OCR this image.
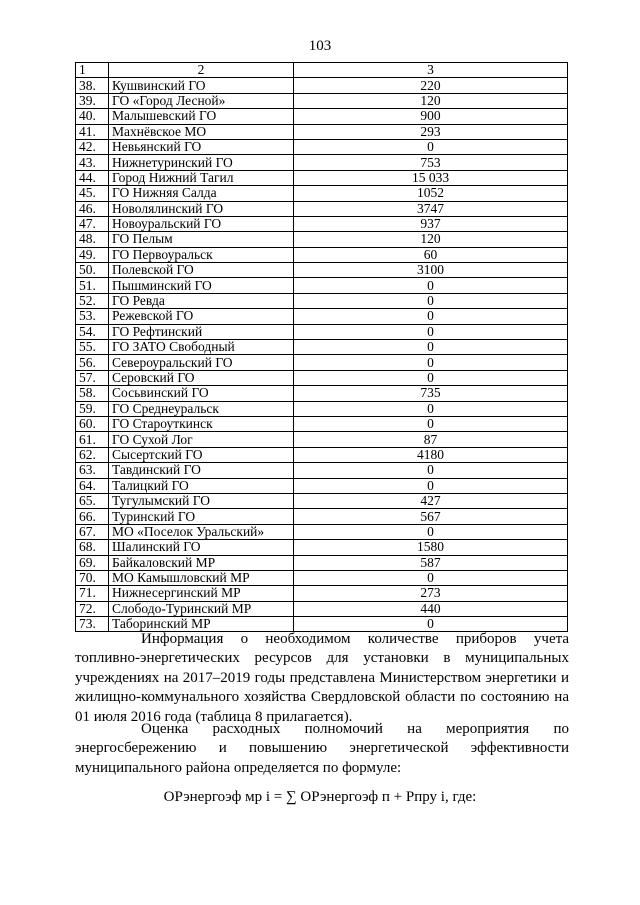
103
1	2	3
38.	Кушвинский ГО	220
39.	ГО «Город Лесной»	120
40.	Малышевский ГО	900
41.	Махнёвское МО	293
42.	Невьянский ГО	0
43.	Нижнетуринский ГО	753
44.	Город Нижний Тагил	15 033
45.	ГО Нижняя Салда	1052
46.	Новолялинский ГО	3747
47.	Новоуральский ГО	937
48.	ГО Пелым	120
49.	ГО Первоуральск	60
50.	Полевской ГО	3100
51.	Пышминский ГО	0
52.	ГО Ревда	0
53.	Режевской ГО	0
54.	ГО Рефтинский	0
55.	ГО ЗАТО Свободный	0
56.	Североуральский ГО	0
57.	Серовский ГО	0
58.	Сосьвинский ГО	735
59.	ГО Среднеуральск	0
60.	ГО Староуткинск	0
61.	ГО Сухой Лог	87
62.	Сысертский ГО	4180
63.	Тавдинский ГО	0
64.	Талицкий ГО	0
65.	Тугулымский ГО	427
66.	Туринский ГО	567
67.	МО «Поселок Уральский»	0
68.	Шалинский ГО	1580
69.	Байкаловский МР	587
70.	МО Камышловский МР	0
71.	Нижнесергинский МР	273
72.	Слободо-Туринский МР	440
73.	Таборинский МР	0
Информация о необходимом количестве приборов учета топливно-энергетических ресурсов для установки в муниципальных учреждениях на 2017–2019 годы представлена Министерством энергетики и жилищно-коммунального хозяйства Свердловской области по состоянию на 01 июля 2016 года (таблица 8 прилагается).
Оценка расходных полномочий на мероприятия по энергосбережению и повышению энергетической эффективности муниципального района определяется по формуле:
ОРэнергоэф мр i = ∑ ОРэнергоэф п + Рпру i, где:
